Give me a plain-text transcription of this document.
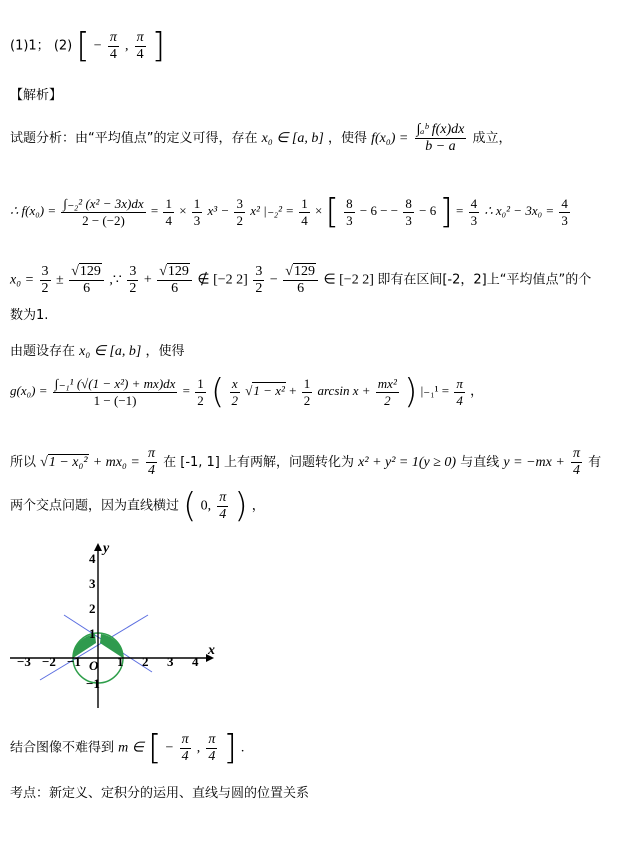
(1)1； (2) [ − $\frac{\pi}{4}$ , $\frac{\pi}{4}$ ]
【解析】
试题分析：由“平均值点”的定义可得，存在 x₀ ∈ [a, b] ，使得 $f(x_0) = \frac{\text{∫ₐᵇ f(x)dx}}{b - a}$ 成立，
∴ $f(x_0) = \frac{\text{∫₋₂² (x² − 3x)dx}}{2 - (-2)} = \frac{1}{4} \times \frac{1}{3} x^3 - \frac{3}{2} x^2$ $|_{-2}^2 = \frac{1}{4}$ × [ $\frac{8}{3} - 6$ − − $\frac{8}{3} - 6$ ] = $\frac{4}{3}$ ∴ $x_0^2 - 3x_0 = \frac{4}{3}$
$x_0 = \frac{3}{2} \pm \frac{√129}{6}$ ,∵ $\frac{3}{2} + \frac{√129}{6}$ ∉ [−2 $2] \frac{3}{2} - \frac{√129}{6}$ ∈ [−2 2] 即有在区间[-2，2]上“平均值点”的个
数为1.
由题设存在 x₀ ∈ [a, b] ，使得
$g(x_0) = \frac{\text{∫₋₁¹ (√(1 − x²) + mx)dx}}{1 - (-1)} = \frac{1}{2}$ ( $\frac{x}{2} √1 - x^2 + \frac{1}{2}$ $\arcsin x + \frac{\text{mx²}}{2}$ ) $|_{-1}^1 = \frac{\pi}{4}$ ，
所以 $√1 - x_0^2 + mx_0 = \frac{\pi}{4}$ 在 [-1, 1] 上有两解，问题转化为 x² + y² = 1(y ≥ 0) 与直线 $y = -mx + \frac{\pi}{4}$ 有
两个交点问题，因为直线横过 ( 0, $\frac{\pi}{4}$ ) ，
y
x
O
−3 −2 −1	1 2 3 4
4
3
2
1
−1
结合图像不难得到 m ∈ [ − $\frac{\pi}{4}$ , $\frac{\pi}{4}$ ] .
考点：新定义、定积分的运用、直线与圆的位置关系
